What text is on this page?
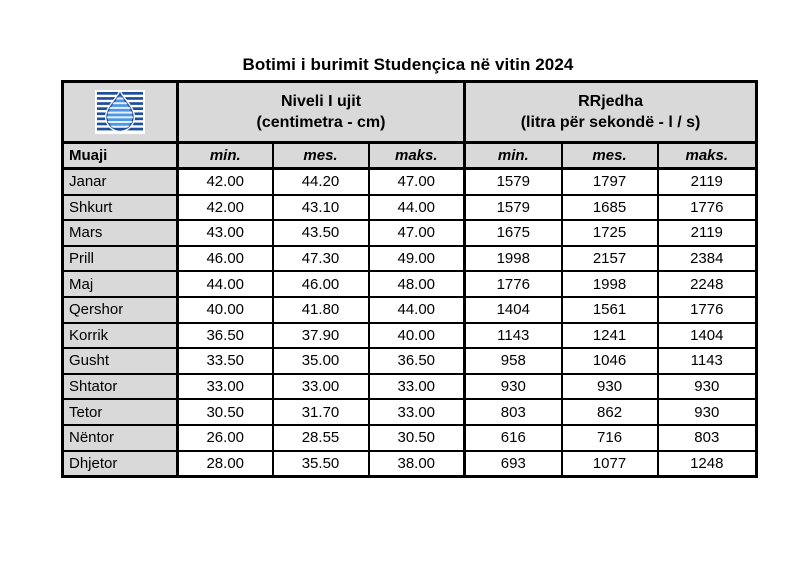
Botimi i burimit Studençica në vitin 2024

Niveli I ujit
(centimetra - cm)

RRjedha
(litra për sekondë - l / s)

Muaji	min.	mes.	maks.	min.	mes.	maks.
Janar	42.00	44.20	47.00	1579	1797	2119
Shkurt	42.00	43.10	44.00	1579	1685	1776
Mars	43.00	43.50	47.00	1675	1725	2119
Prill	46.00	47.30	49.00	1998	2157	2384
Maj	44.00	46.00	48.00	1776	1998	2248
Qershor	40.00	41.80	44.00	1404	1561	1776
Korrik	36.50	37.90	40.00	1143	1241	1404
Gusht	33.50	35.00	36.50	958	1046	1143
Shtator	33.00	33.00	33.00	930	930	930
Tetor	30.50	31.70	33.00	803	862	930
Nëntor	26.00	28.55	30.50	616	716	803
Dhjetor	28.00	35.50	38.00	693	1077	1248
